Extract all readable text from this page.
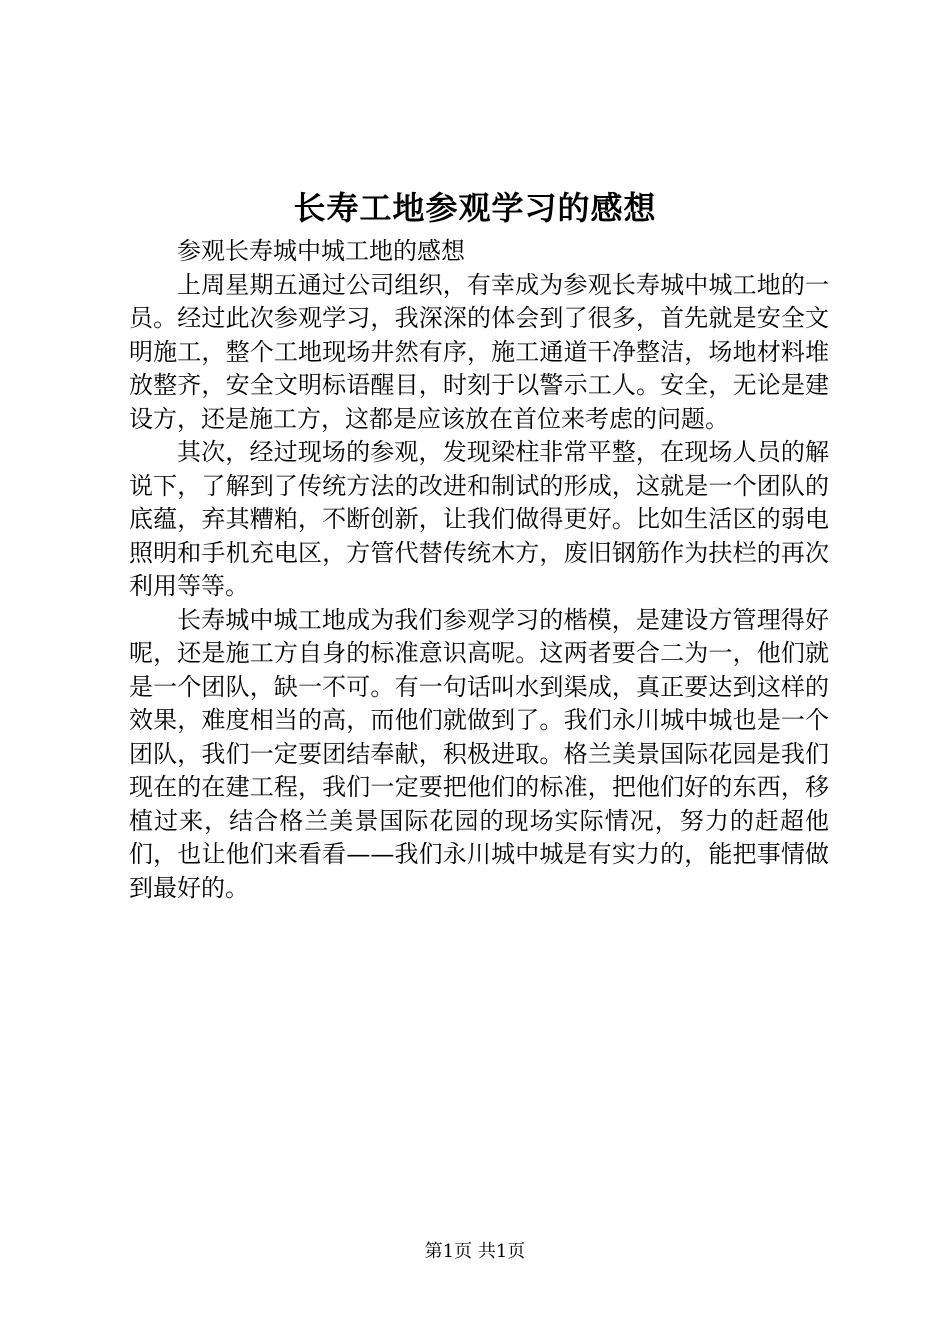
长寿工地参观学习的感想

参观长寿城中城工地的感想

上周星期五通过公司组织，有幸成为参观长寿城中城工地的一员。经过此次参观学习，我深深的体会到了很多，首先就是安全文明施工，整个工地现场井然有序，施工通道干净整洁，场地材料堆放整齐，安全文明标语醒目，时刻于以警示工人。安全，无论是建设方，还是施工方，这都是应该放在首位来考虑的问题。

其次，经过现场的参观，发现梁柱非常平整，在现场人员的解说下，了解到了传统方法的改进和制试的形成，这就是一个团队的底蕴，弃其糟粕，不断创新，让我们做得更好。比如生活区的弱电照明和手机充电区，方管代替传统木方，废旧钢筋作为扶栏的再次利用等等。

长寿城中城工地成为我们参观学习的楷模，是建设方管理得好呢，还是施工方自身的标准意识高呢。这两者要合二为一，他们就是一个团队，缺一不可。有一句话叫水到渠成，真正要达到这样的效果，难度相当的高，而他们就做到了。我们永川城中城也是一个团队，我们一定要团结奉献，积极进取。格兰美景国际花园是我们现在的在建工程，我们一定要把他们的标准，把他们好的东西，移植过来，结合格兰美景国际花园的现场实际情况，努力的赶超他们，也让他们来看看——我们永川城中城是有实力的，能把事情做到最好的。

第1页 共1页
